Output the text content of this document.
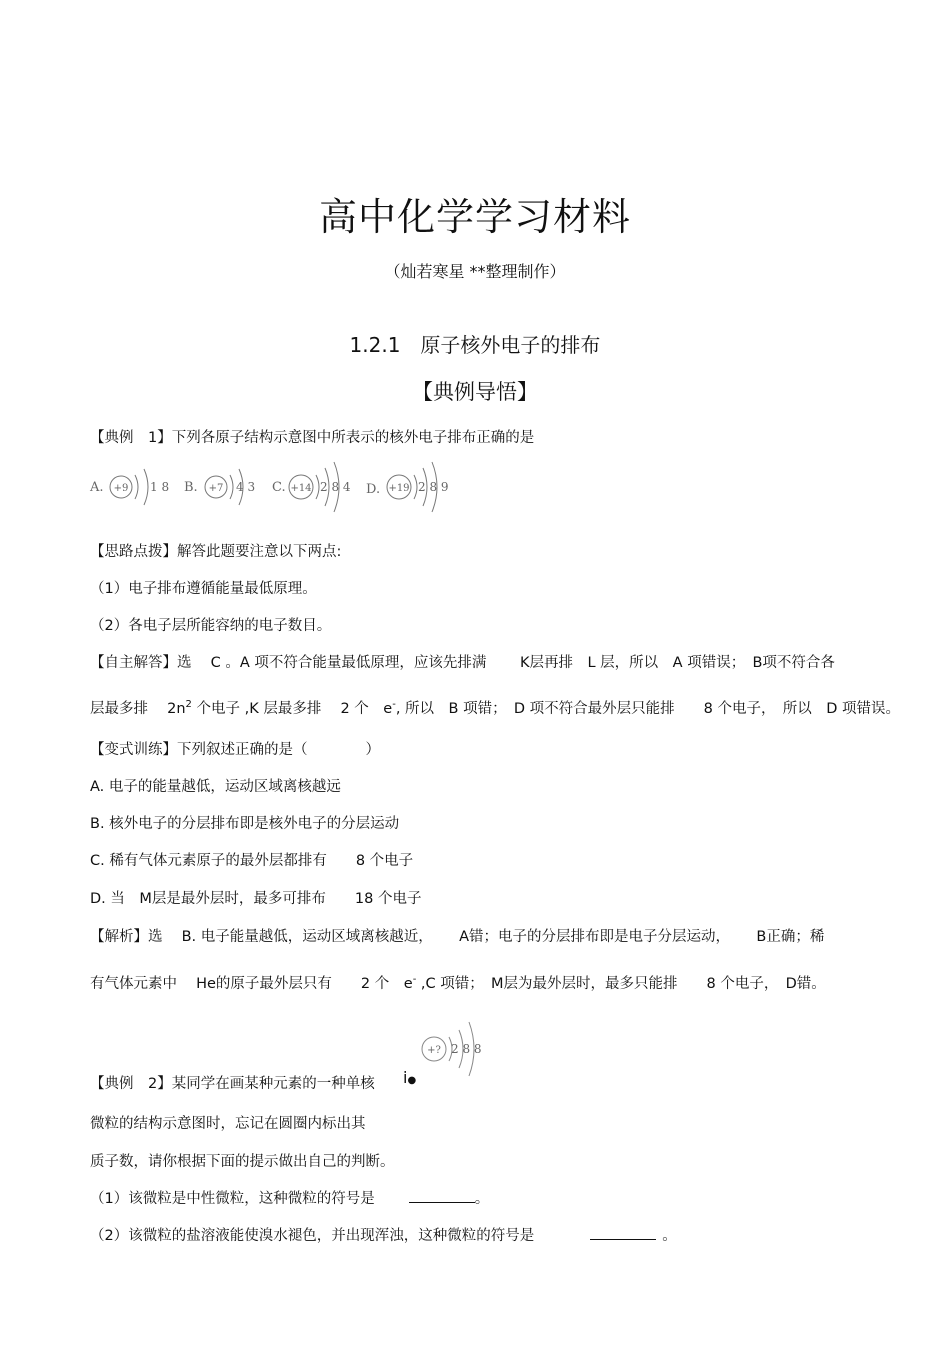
高中化学学习材料
（灿若寒星 **整理制作）
1.2.1　原子核外电子的排布
【典例导悟】
【典例　1】下列各原子结构示意图中所表示的核外电子排布正确的是
A. +9 1 8 B. +7 4 3 C. +14 2 8 4 D. +19 2 8 9
【思路点拨】解答此题要注意以下两点:
（1）电子排布遵循能量最低原理。
（2）各电子层所能容纳的电子数目。
【自主解答】选　 C 。A 项不符合能量最低原理，应该先排满　　 K层再排　L 层，所以　A 项错误；　B项不符合各
层最多排　 $2n^2$ 个电子 ,K 层最多排　 2 个　e-, 所以　B 项错；　D 项不符合最外层只能排　　8 个电子，　所以　D 项错误。
【变式训练】下列叙述正确的是（　　　　）
A. 电子的能量越低，运动区域离核越远
B. 核外电子的分层排布即是核外电子的分层运动
C. 稀有气体元素原子的最外层都排有　　8 个电子
D. 当　M层是最外层时，最多可排布　　18 个电子
【解析】选　 B. 电子能量越低，运动区域离核越近，　　 A错；电子的分层排布即是电子分层运动，　　 B正确；稀
有气体元素中　 He的原子最外层只有　　2 个　e- ,C 项错；　M层为最外层时，最多只能排　　8 个电子，　D错。
+? 2 8 8
i●
【典例　2】某同学在画某种元素的一种单核
微粒的结构示意图时，忘记在圆圈内标出其
质子数，请你根据下面的提示做出自己的判断。
（1）该微粒是中性微粒，这种微粒的符号是	。
（2）该微粒的盐溶液能使溴水褪色，并出现浑浊，这种微粒的符号是	。
